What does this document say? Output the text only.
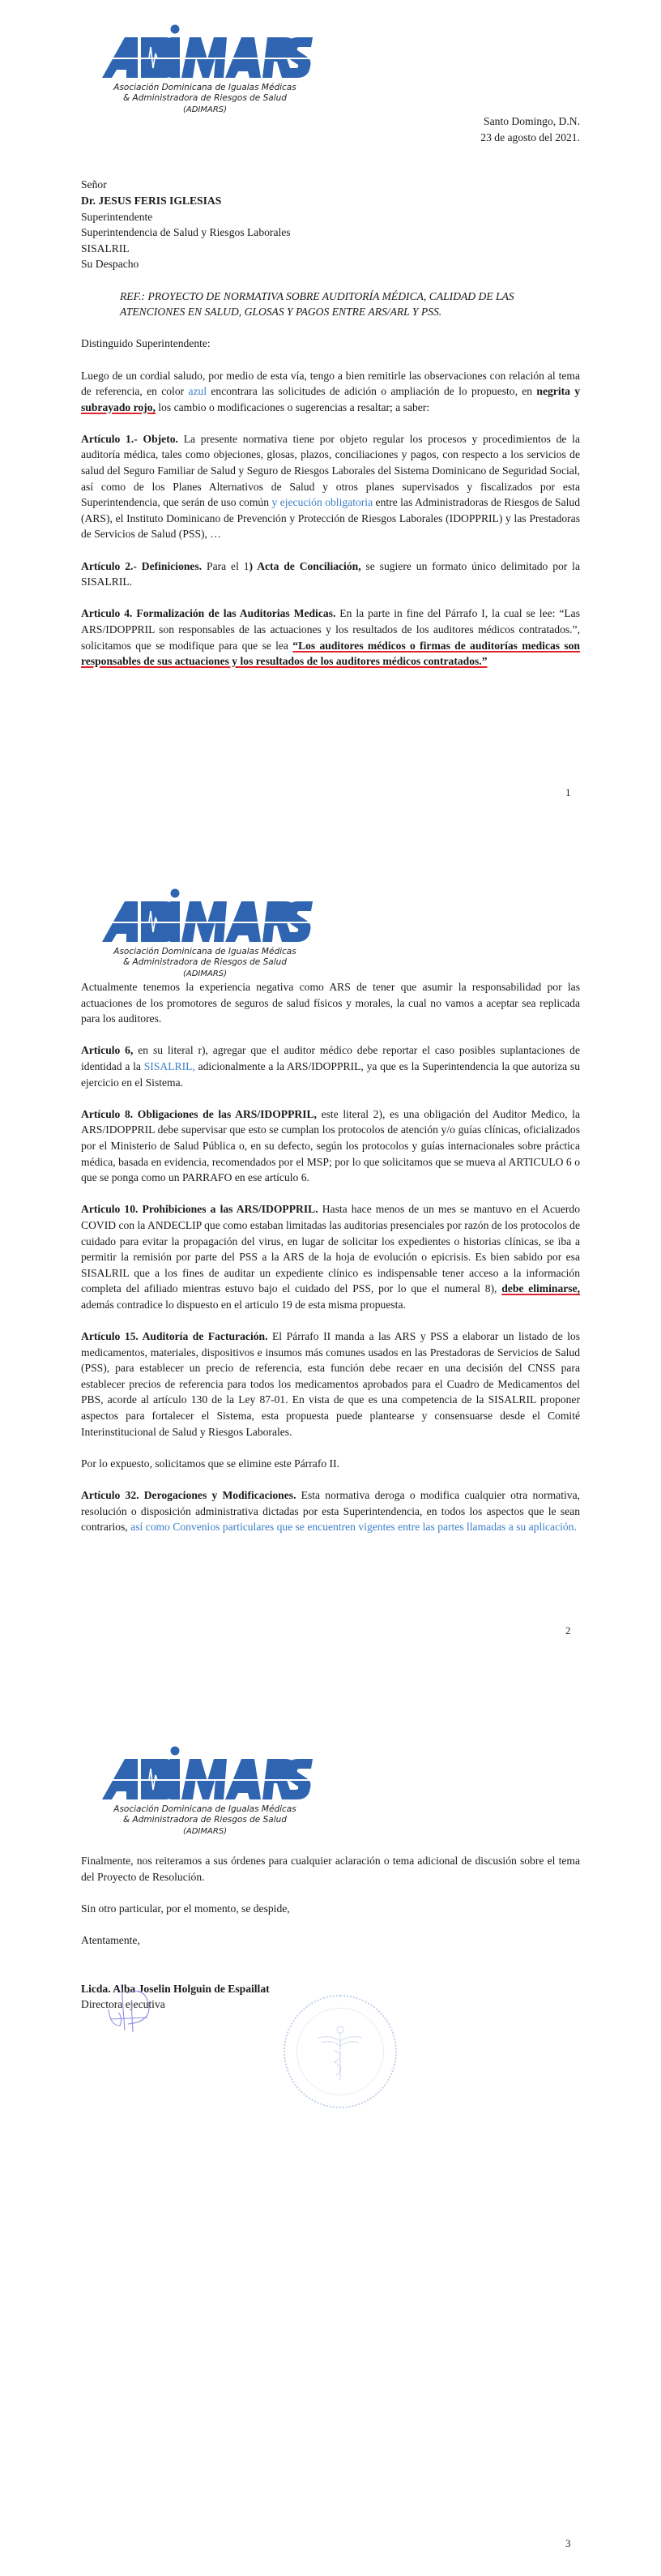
Asociación Dominicana de Igualas Médicas
& Administradora de Riesgos de Salud
(ADIMARS)
Santo Domingo, D.N.
23 de agosto del 2021.
Señor
Dr. JESUS FERIS IGLESIAS
Superintendente
Superintendencia de Salud y Riesgos Laborales
SISALRIL
Su Despacho
REF.: PROYECTO DE NORMATIVA SOBRE AUDITORÍA MÉDICA, CALIDAD DE LAS ATENCIONES EN SALUD, GLOSAS Y PAGOS ENTRE ARS/ARL Y PSS.
Distinguido Superintendente:

Luego de un cordial saludo, por medio de esta vía, tengo a bien remitirle las observaciones con relación al tema de referencia, en color azul encontrara las solicitudes de adición o ampliación de lo propuesto, en negrita y subrayado rojo, los cambio o modificaciones o sugerencias a resaltar; a saber:

Artículo 1.- Objeto. La presente normativa tiene por objeto regular los procesos y procedimientos de la auditoría médica, tales como objeciones, glosas, plazos, conciliaciones y pagos, con respecto a los servicios de salud del Seguro Familiar de Salud y Seguro de Riesgos Laborales del Sistema Dominicano de Seguridad Social, así como de los Planes Alternativos de Salud y otros planes supervisados y fiscalizados por esta Superintendencia, que serán de uso común y ejecución obligatoria entre las Administradoras de Riesgos de Salud (ARS), el Instituto Dominicano de Prevención y Protección de Riesgos Laborales (IDOPPRIL) y las Prestadoras de Servicios de Salud (PSS), …

Artículo 2.- Definiciones. Para el 1) Acta de Conciliación, se sugiere un formato único delimitado por la SISALRIL.

Articulo 4. Formalización de las Auditorias Medicas. En la parte in fine del Párrafo I, la cual se lee: “Las ARS/IDOPPRIL son responsables de las actuaciones y los resultados de los auditores médicos contratados.”, solicitamos que se modifique para que se lea “Los auditores médicos o firmas de auditorías medicas son responsables de sus actuaciones y los resultados de los auditores médicos contratados.”

1
Asociación Dominicana de Igualas Médicas
& Administradora de Riesgos de Salud
(ADIMARS)

Actualmente tenemos la experiencia negativa como ARS de tener que asumir la responsabilidad por las actuaciones de los promotores de seguros de salud físicos y morales, la cual no vamos a aceptar sea replicada para los auditores.

Articulo 6, en su literal r), agregar que el auditor médico debe reportar el caso posibles suplantaciones de identidad a la SISALRIL, adicionalmente a la ARS/IDOPPRIL, ya que es la Superintendencia la que autoriza su ejercicio en el Sistema.

Artículo 8. Obligaciones de las ARS/IDOPPRIL, este literal 2), es una obligación del Auditor Medico, la ARS/IDOPPRIL debe supervisar que esto se cumplan los protocolos de atención y/o guías clínicas, oficializados por el Ministerio de Salud Pública o, en su defecto, según los protocolos y guías internacionales sobre práctica médica, basada en evidencia, recomendados por el MSP; por lo que solicitamos que se mueva al ARTICULO 6 o que se ponga como un PARRAFO en ese artículo 6.

Articulo 10. Prohibiciones a las ARS/IDOPPRIL. Hasta hace menos de un mes se mantuvo en el Acuerdo COVID con la ANDECLIP que como estaban limitadas las auditorias presenciales por razón de los protocolos de cuidado para evitar la propagación del virus, en lugar de solicitar los expedientes o historias clínicas, se iba a permitir la remisión por parte del PSS a la ARS de la hoja de evolución o epicrisis. Es bien sabido por esa SISALRIL que a los fines de auditar un expediente clínico es indispensable tener acceso a la información completa del afiliado mientras estuvo bajo el cuidado del PSS, por lo que el numeral 8), debe eliminarse, además contradice lo dispuesto en el articulo 19 de esta misma propuesta.

Artículo 15. Auditoría de Facturación. El Párrafo II manda a las ARS y PSS a elaborar un listado de los medicamentos, materiales, dispositivos e insumos más comunes usados en las Prestadoras de Servicios de Salud (PSS), para establecer un precio de referencia, esta función debe recaer en una decisión del CNSS para establecer precios de referencia para todos los medicamentos aprobados para el Cuadro de Medicamentos del PBS, acorde al artículo 130 de la Ley 87-01. En vista de que es una competencia de la SISALRIL proponer aspectos para fortalecer el Sistema, esta propuesta puede plantearse y consensuarse desde el Comité Interinstitucional de Salud y Riesgos Laborales.

Por lo expuesto, solicitamos que se elimine este Párrafo II.

Artículo 32. Derogaciones y Modificaciones. Esta normativa deroga o modifica cualquier otra normativa, resolución o disposición administrativa dictadas por esta Superintendencia, en todos los aspectos que le sean contrarios, así como Convenios particulares que se encuentren vigentes entre las partes llamadas a su aplicación.

2
Asociación Dominicana de Igualas Médicas
& Administradora de Riesgos de Salud
(ADIMARS)

Finalmente, nos reiteramos a sus órdenes para cualquier aclaración o tema adicional de discusión sobre el tema del Proyecto de Resolución.

Sin otro particular, por el momento, se despide,
Atentamente,
Licda. Alba Joselin Holguin de Espaillat
Directora ejecutiva
3
